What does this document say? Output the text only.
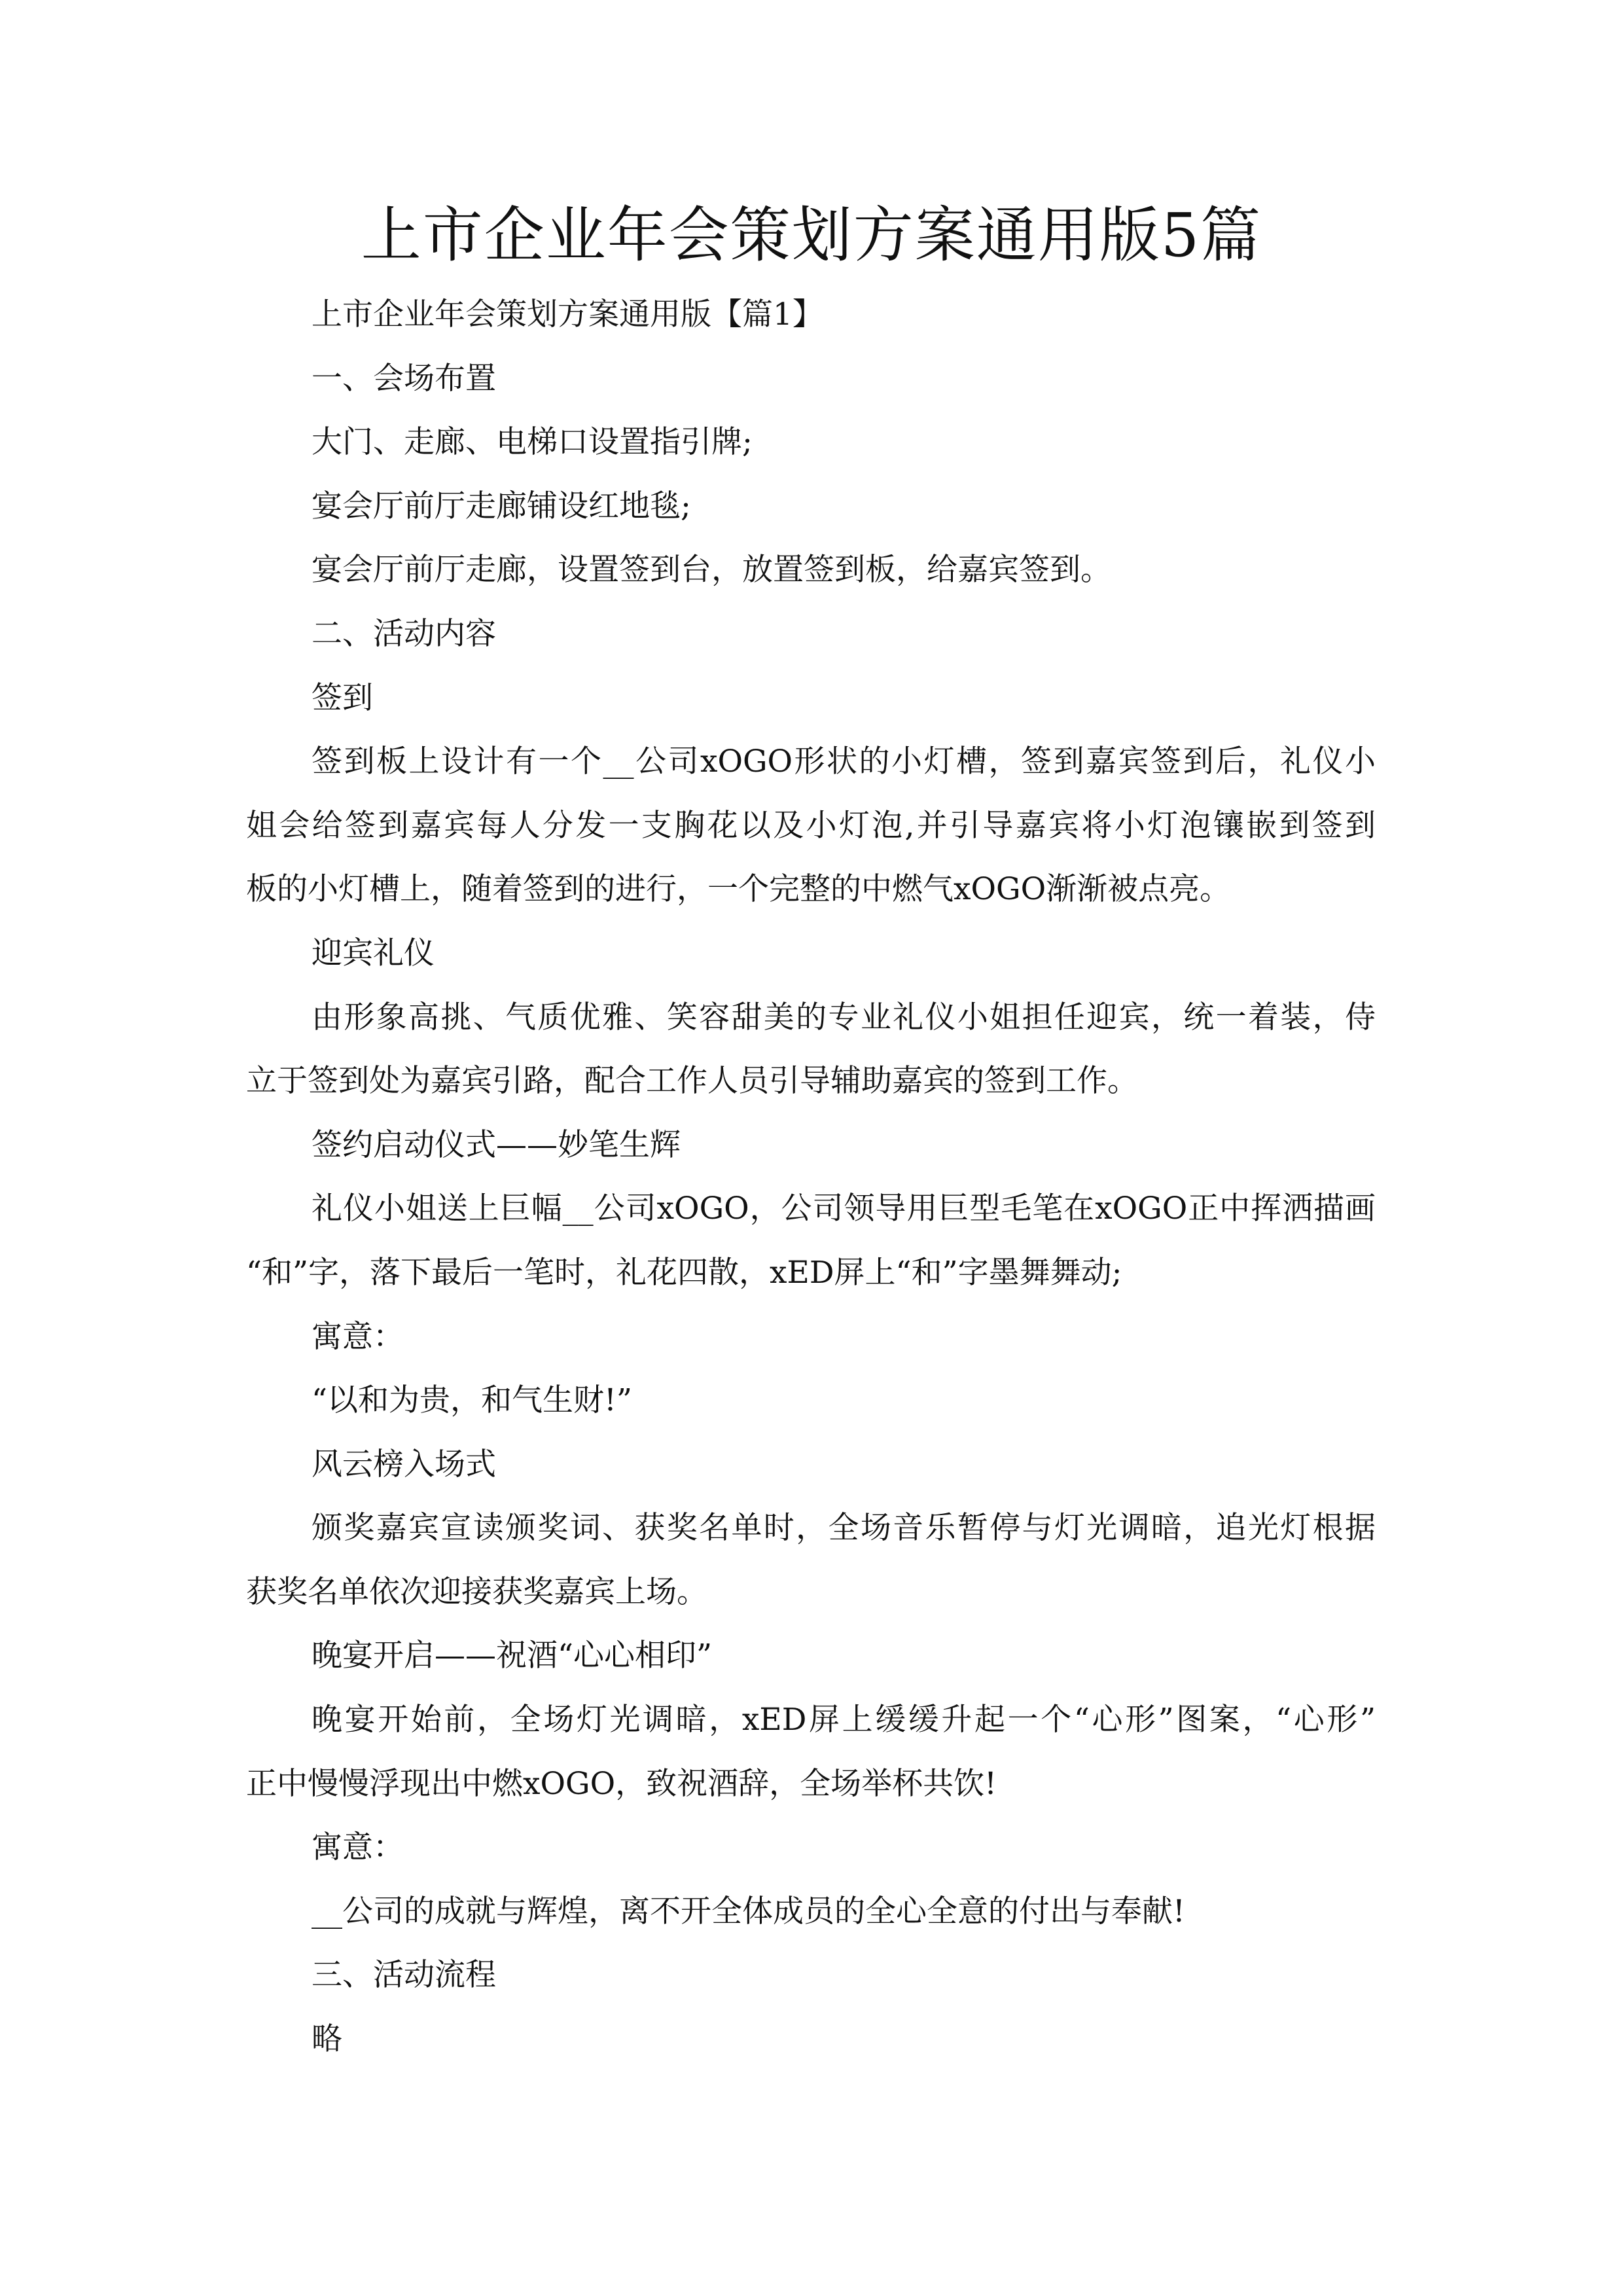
上市企业年会策划方案通用版5篇
上市企业年会策划方案通用版【篇1】
一、会场布置
大门、走廊、电梯口设置指引牌;
宴会厅前厅走廊铺设红地毯;
宴会厅前厅走廊，设置签到台，放置签到板，给嘉宾签到。
二、活动内容
签到
签到板上设计有一个__公司xOGO形状的小灯槽，签到嘉宾签到后，礼仪小
姐会给签到嘉宾每人分发一支胸花以及小灯泡,并引导嘉宾将小灯泡镶嵌到签到
板的小灯槽上，随着签到的进行，一个完整的中燃气xOGO渐渐被点亮。
迎宾礼仪
由形象高挑、气质优雅、笑容甜美的专业礼仪小姐担任迎宾，统一着装，侍
立于签到处为嘉宾引路，配合工作人员引导辅助嘉宾的签到工作。
签约启动仪式——妙笔生辉
礼仪小姐送上巨幅__公司xOGO，公司领导用巨型毛笔在xOGO正中挥洒描画
“和”字，落下最后一笔时，礼花四散，xED屏上“和”字墨舞舞动;
寓意：
“以和为贵，和气生财!”
风云榜入场式
颁奖嘉宾宣读颁奖词、获奖名单时，全场音乐暂停与灯光调暗，追光灯根据
获奖名单依次迎接获奖嘉宾上场。
晚宴开启——祝酒“心心相印”
晚宴开始前，全场灯光调暗，xED屏上缓缓升起一个“心形”图案，“心形”
正中慢慢浮现出中燃xOGO，致祝酒辞，全场举杯共饮!
寓意：
__公司的成就与辉煌，离不开全体成员的全心全意的付出与奉献!
三、活动流程
略
